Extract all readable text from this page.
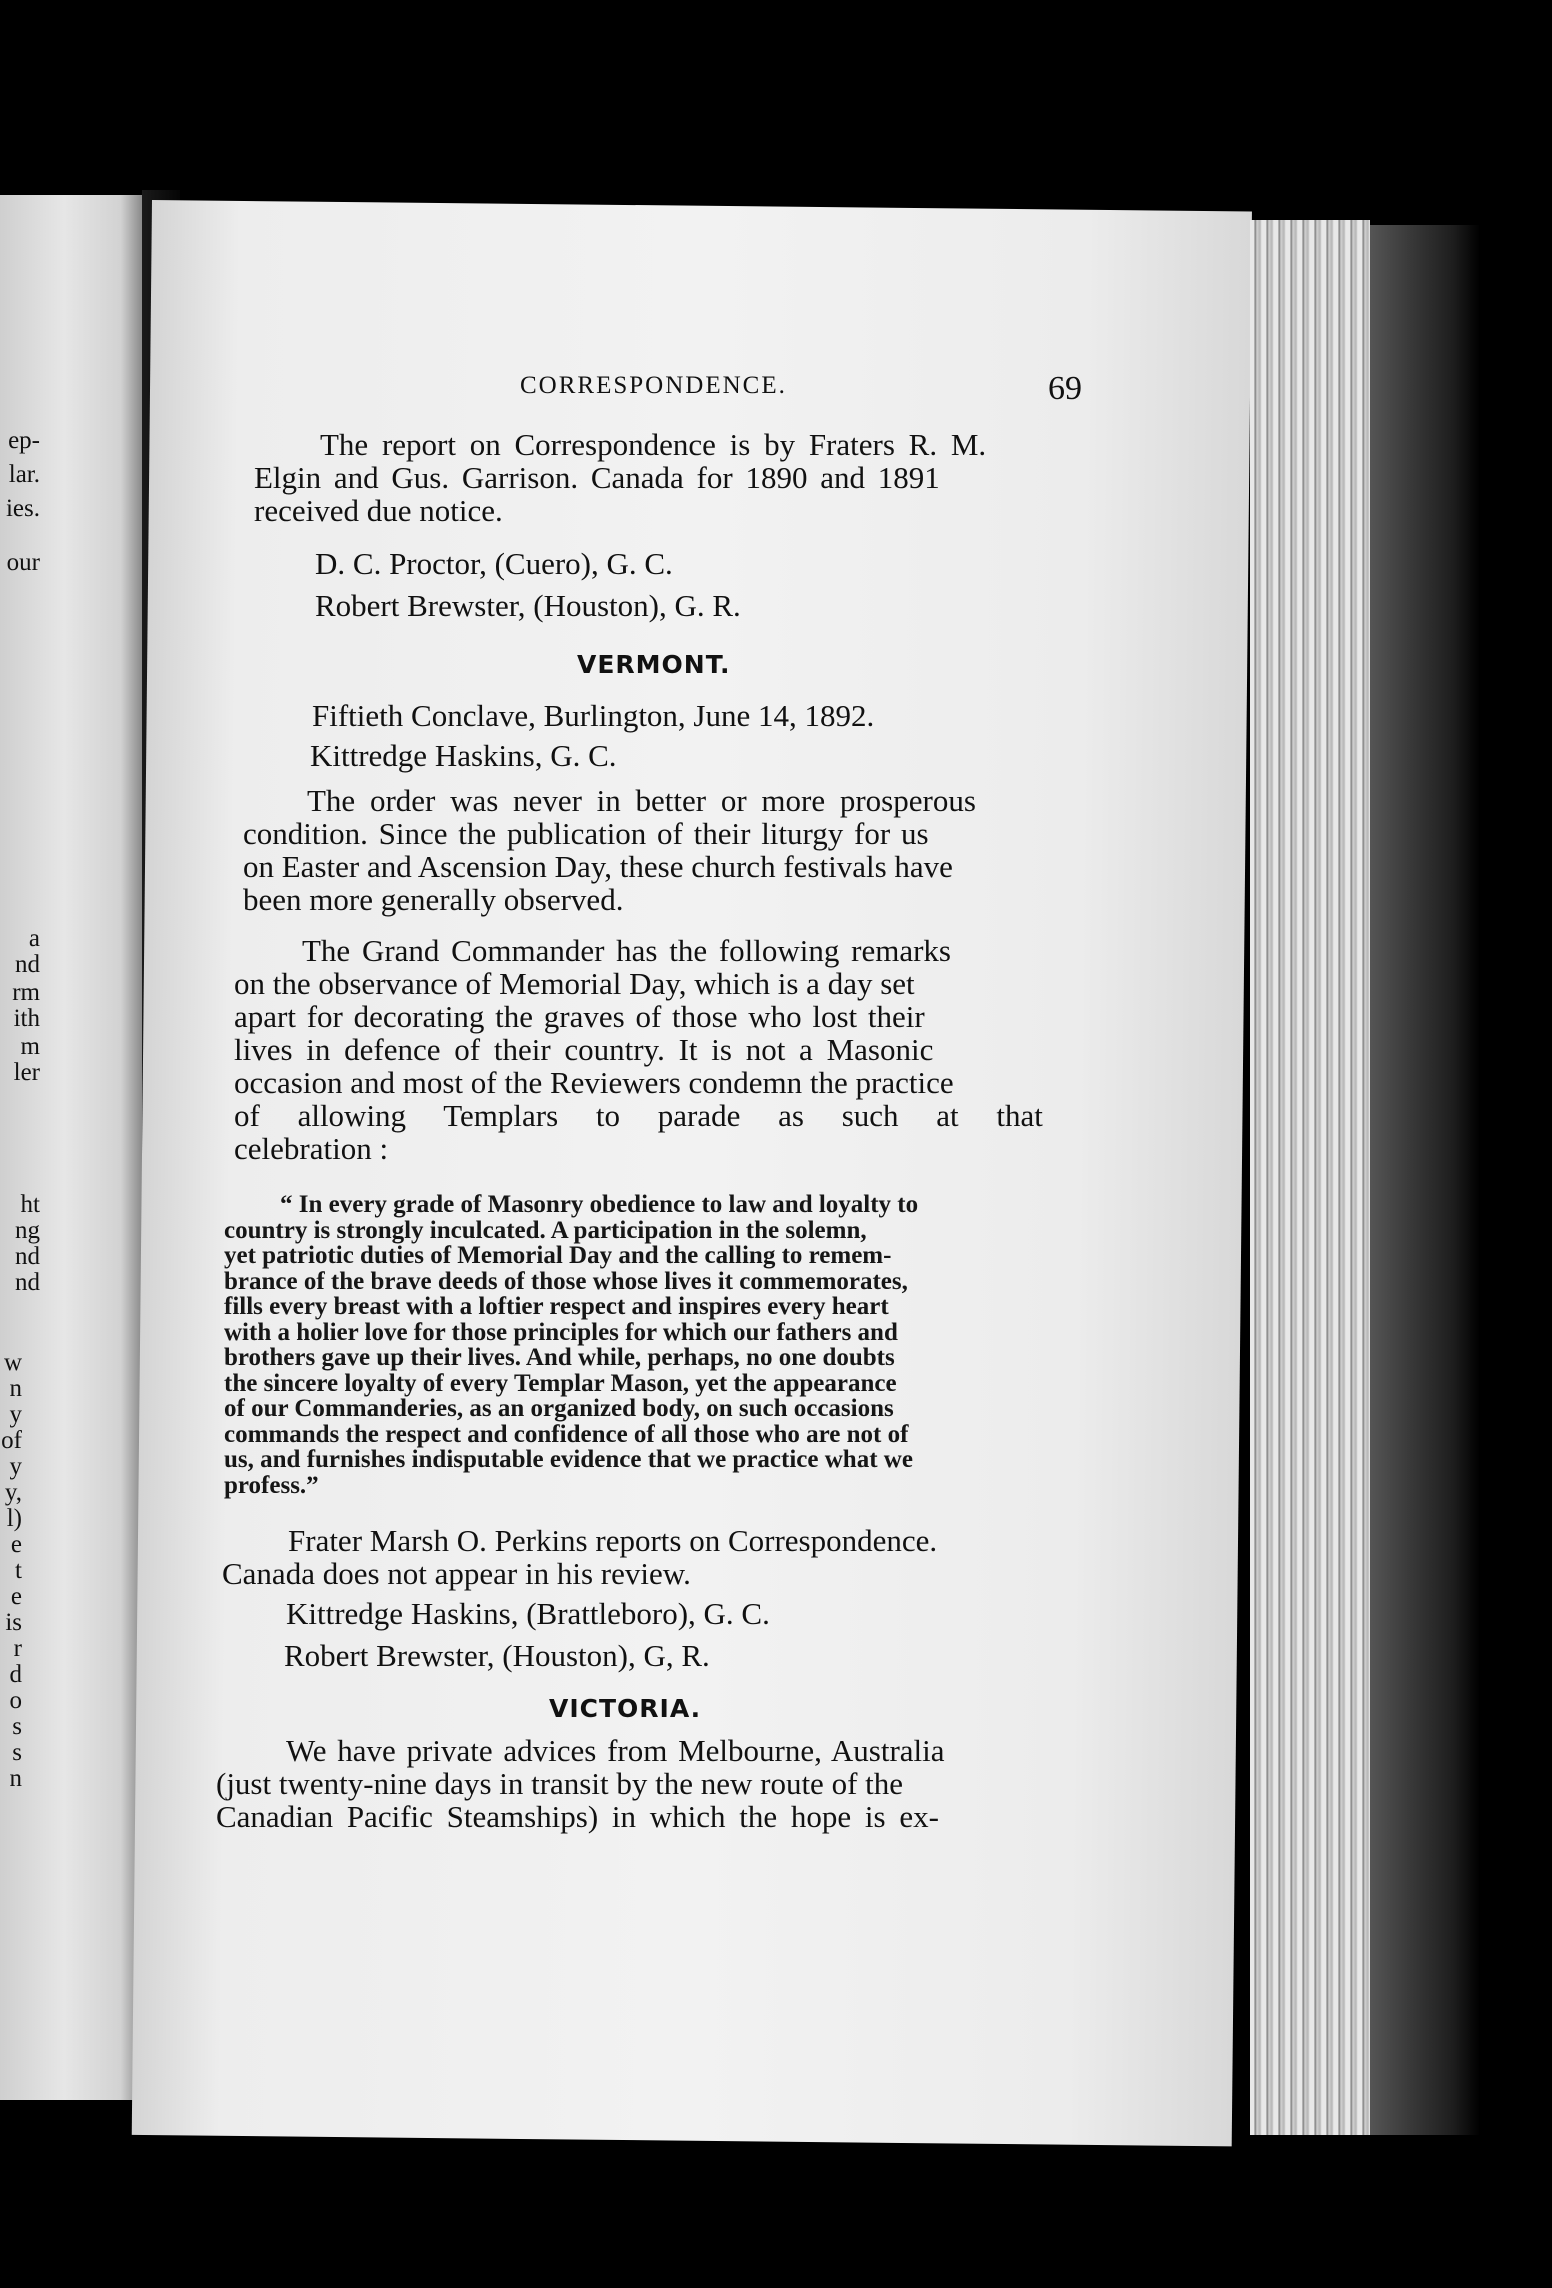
ep-
lar.
ies.
our
a
nd
rm
ith
m
ler
ht
ng
nd
nd
w
n
y
of
y
y,
l)
e
t
e
is
r
d
o
s
s
n
CORRESPONDENCE.	69
The report on Correspondence is by Fraters R. M.
Elgin and Gus. Garrison. Canada for 1890 and 1891
received due notice.
D. C. Proctor, (Cuero), G. C.
Robert Brewster, (Houston), G. R.
VERMONT.
Fiftieth Conclave, Burlington, June 14, 1892.
Kittredge Haskins, G. C.
The order was never in better or more prosperous
condition. Since the publication of their liturgy for us
on Easter and Ascension Day, these church festivals have
been more generally observed.
The Grand Commander has the following remarks
on the observance of Memorial Day, which is a day set
apart for decorating the graves of those who lost their
lives in defence of their country. It is not a Masonic
occasion and most of the Reviewers condemn the practice
of allowing Templars to parade as such at that
celebration :
“ In every grade of Masonry obedience to law and loyalty to
country is strongly inculcated. A participation in the solemn,
yet patriotic duties of Memorial Day and the calling to remem-
brance of the brave deeds of those whose lives it commemorates,
fills every breast with a loftier respect and inspires every heart
with a holier love for those principles for which our fathers and
brothers gave up their lives. And while, perhaps, no one doubts
the sincere loyalty of every Templar Mason, yet the appearance
of our Commanderies, as an organized body, on such occasions
commands the respect and confidence of all those who are not of
us, and furnishes indisputable evidence that we practice what we
profess.”
Frater Marsh O. Perkins reports on Correspondence.
Canada does not appear in his review.
Kittredge Haskins, (Brattleboro), G. C.
Robert Brewster, (Houston), G, R.
VICTORIA.
We have private advices from Melbourne, Australia
(just twenty-nine days in transit by the new route of the
Canadian Pacific Steamships) in which the hope is ex-
